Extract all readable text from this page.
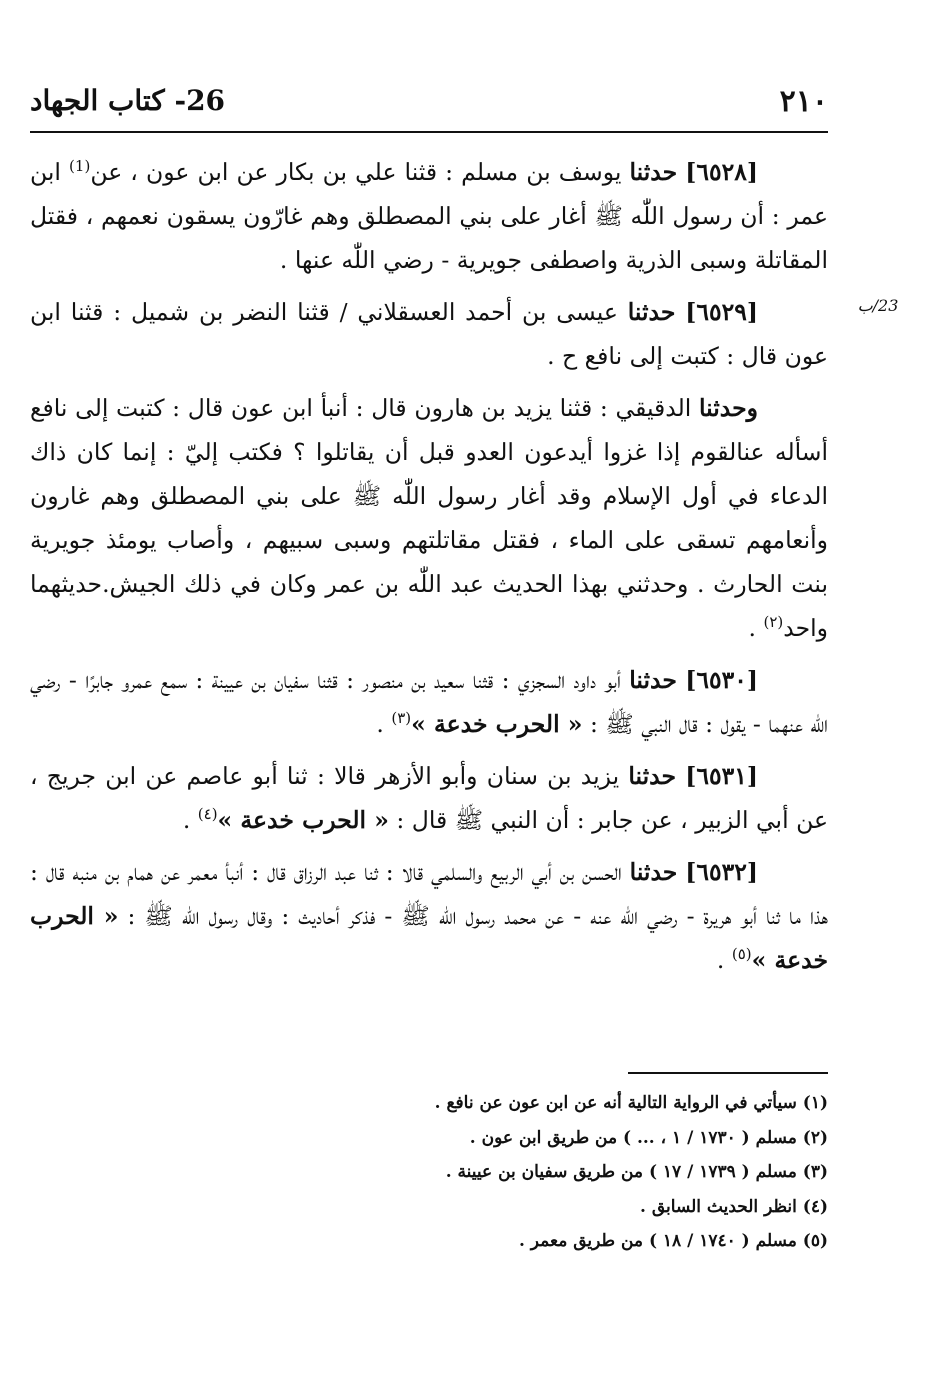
٢١٠
26- كتاب الجهاد
23/ب

[٦٥٢٨] حدثنا يوسف بن مسلم : قثنا علي بن بكار عن ابن عون ، عن$^{(1)}$ ابن عمر : أن رسول اللّٰه ﷺ أغار على بني المصطلق وهم غارّون يسقون نعمهم ، فقتل المقاتلة وسبى الذرية واصطفى جويرية - رضي اللّٰه عنها .

[٦٥٢٩] حدثنا عيسى بن أحمد العسقلاني / قثنا النضر بن شميل : قثنا ابن عون قال : كتبت إلى نافع ح .

وحدثنا الدقيقي : قثنا يزيد بن هارون قال : أنبأ ابن عون قال : كتبت إلى نافع أسأله عنالقوم إذا غزوا أيدعون العدو قبل أن يقاتلوا ؟ فكتب إليّ : إنما كان ذاك الدعاء في أول الإسلام وقد أغار رسول اللّٰه ﷺ على بني المصطلق وهم غارون وأنعامهم تسقى على الماء ، فقتل مقاتلتهم وسبى سبيهم ، وأصاب يومئذ جويرية بنت الحارث . وحدثني بهذا الحديث عبد اللّٰه بن عمر وكان في ذلك الجيش.حديثهما واحد$^{(٢)}$ .

[٦٥٣٠] حدثنا أبو داود السجزي : قثنا سعيد بن منصور : قثنا سفيان بن عيينة : سمع عمرو جابرًا - رضي اللّٰه عنهما - يقول : قال النبي ﷺ : « الحرب خدعة »$^{(٣)}$ .

[٦٥٣١] حدثنا يزيد بن سنان وأبو الأزهر قالا : ثنا أبو عاصم عن ابن جريج ، عن أبي الزبير ، عن جابر : أن النبي ﷺ قال : « الحرب خدعة »$^{(٤)}$ .

[٦٥٣٢] حدثنا الحسن بن أبي الربيع والسلمي قالا : ثنا عبد الرزاق قال : أنبأ معمر عن همام بن منبه قال : هذا ما ثنا أبو هريرة - رضي اللّٰه عنه - عن محمد رسول اللّٰه ﷺ - فذكر أحاديث : وقال رسول اللّٰه ﷺ : « الحرب خدعة »$^{(٥)}$ .

(١) سيأتي في الرواية التالية أنه عن ابن عون عن نافع .

(٢) مسلم ( ١٧٣٠ / ١ ، ... ) من طريق ابن عون .

(٣) مسلم ( ١٧٣٩ / ١٧ ) من طريق سفيان بن عيينة .

(٤) انظر الحديث السابق .

(٥) مسلم ( ١٧٤٠ / ١٨ ) من طريق معمر .
